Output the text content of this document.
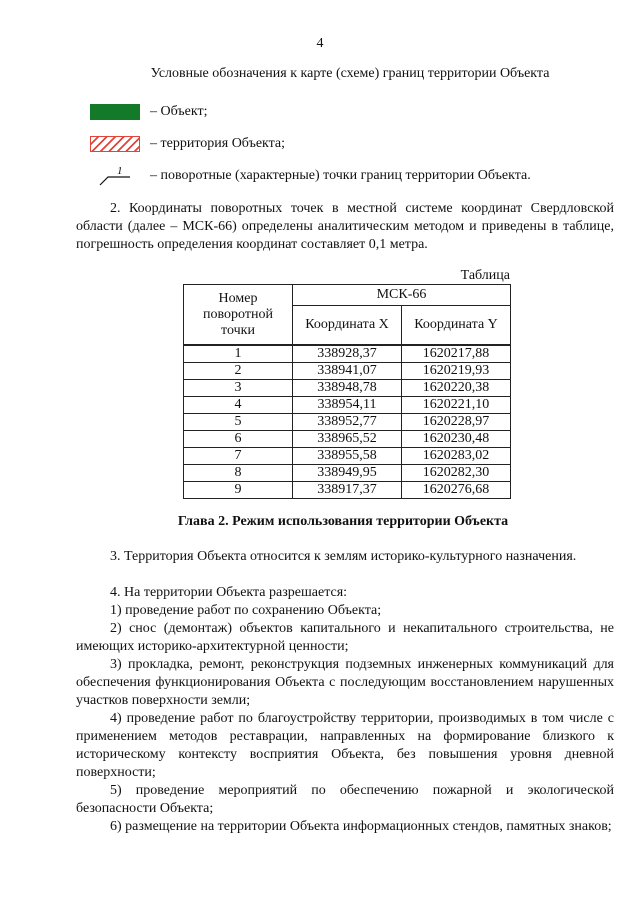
4
Условные обозначения к карте (схеме) границ территории Объекта
– Объект;
– территория Объекта;
1 – поворотные (характерные) точки границ территории Объекта.
2. Координаты поворотных точек в местной системе координат Свердловской области (далее – МСК-66) определены аналитическим методом и приведены в таблице, погрешность определения координат составляет 0,1 метра.
Таблица
Номер поворотной точки	МСК-66	
	Координата X	Координата Y
1	338928,37	1620217,88
2	338941,07	1620219,93
3	338948,78	1620220,38
4	338954,11	1620221,10
5	338952,77	1620228,97
6	338965,52	1620230,48
7	338955,58	1620283,02
8	338949,95	1620282,30
9	338917,37	1620276,68
Глава 2. Режим использования территории Объекта
3. Территория Объекта относится к землям историко-культурного назначения.
4. На территории Объекта разрешается:
1) проведение работ по сохранению Объекта;
2) снос (демонтаж) объектов капитального и некапитального строительства, не имеющих историко-архитектурной ценности;
3) прокладка, ремонт, реконструкция подземных инженерных коммуникаций для обеспечения функционирования Объекта с последующим восстановлением нарушенных участков поверхности земли;
4) проведение работ по благоустройству территории, производимых в том числе с применением методов реставрации, направленных на формирование близкого к историческому контексту восприятия Объекта, без повышения уровня дневной поверхности;
5) проведение мероприятий по обеспечению пожарной и экологической безопасности Объекта;
6) размещение на территории Объекта информационных стендов, памятных знаков;
